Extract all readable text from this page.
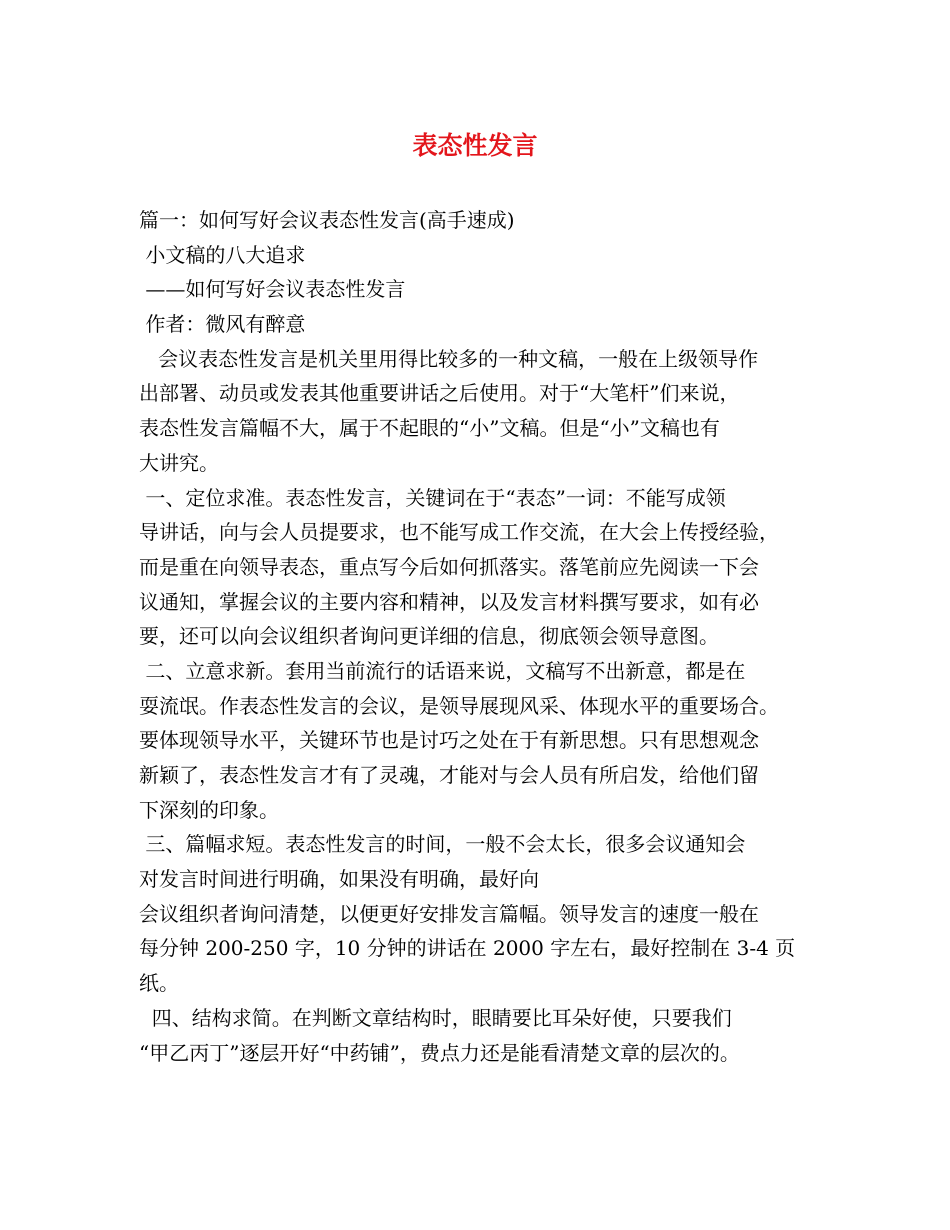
表态性发言
篇一：如何写好会议表态性发言(高手速成)
小文稿的八大追求
——如何写好会议表态性发言
作者：微风有醉意
会议表态性发言是机关里用得比较多的一种文稿，一般在上级领导作
出部署、动员或发表其他重要讲话之后使用。对于“大笔杆”们来说，
表态性发言篇幅不大，属于不起眼的“小”文稿。但是“小”文稿也有
大讲究。
一、定位求准。表态性发言，关键词在于“表态”一词：不能写成领
导讲话，向与会人员提要求，也不能写成工作交流，在大会上传授经验，
而是重在向领导表态，重点写今后如何抓落实。落笔前应先阅读一下会
议通知，掌握会议的主要内容和精神，以及发言材料撰写要求，如有必
要，还可以向会议组织者询问更详细的信息，彻底领会领导意图。
二、立意求新。套用当前流行的话语来说，文稿写不出新意，都是在
耍流氓。作表态性发言的会议，是领导展现风采、体现水平的重要场合。
要体现领导水平，关键环节也是讨巧之处在于有新思想。只有思想观念
新颖了，表态性发言才有了灵魂，才能对与会人员有所启发，给他们留
下深刻的印象。
三、篇幅求短。表态性发言的时间，一般不会太长，很多会议通知会
对发言时间进行明确，如果没有明确，最好向
会议组织者询问清楚，以便更好安排发言篇幅。领导发言的速度一般在
每分钟 200-250 字，10 分钟的讲话在 2000 字左右，最好控制在 3-4 页
纸。
四、结构求简。在判断文章结构时，眼睛要比耳朵好使，只要我们
“甲乙丙丁”逐层开好“中药铺”，费点力还是能看清楚文章的层次的。
